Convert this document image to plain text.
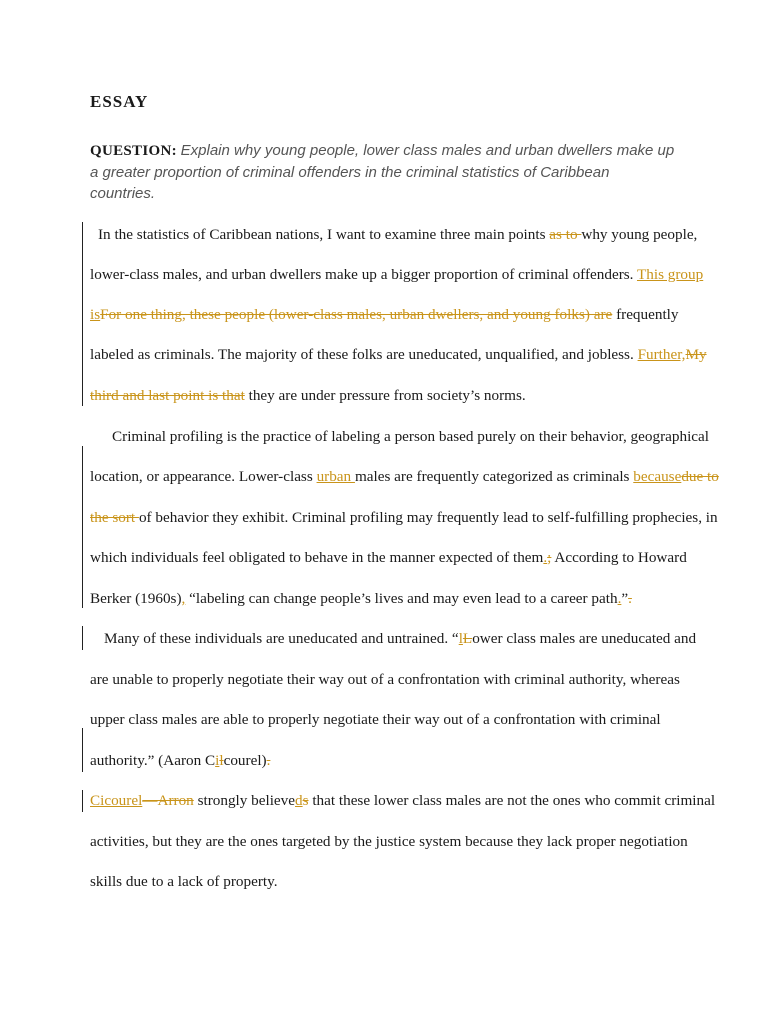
ESSAY
QUESTION: Explain why young people, lower class males and urban dwellers make up
a greater proportion of criminal offenders in the criminal statistics of Caribbean
countries.
In the statistics of Caribbean nations, I want to examine three main points as to why young people,
lower-class males, and urban dwellers make up a bigger proportion of criminal offenders. This group
isFor one thing, these people (lower-class males, urban dwellers, and young folks) are frequently
labeled as criminals. The majority of these folks are uneducated, unqualified, and jobless. Further,My
third and last point is that they are under pressure from society’s norms.
Criminal profiling is the practice of labeling a person based purely on their behavior, geographical
location, or appearance. Lower-class urban males are frequently categorized as criminals becausedue to
the sort of behavior they exhibit. Criminal profiling may frequently lead to self-fulfilling prophecies, in
which individuals feel obligated to behave in the manner expected of them.; According to Howard
Berker (1960s), “labeling can change people’s lives and may even lead to a career path.”.
Many of these individuals are uneducated and untrained. “lLower class males are uneducated and
are unable to properly negotiate their way out of a confrontation with criminal authority, whereas
upper class males are able to properly negotiate their way out of a confrontation with criminal
authority.” (Aaron Cilcourel).
Cicourel—Arron strongly believeds that these lower class males are not the ones who commit criminal
activities, but they are the ones targeted by the justice system because they lack proper negotiation
skills due to a lack of property.
